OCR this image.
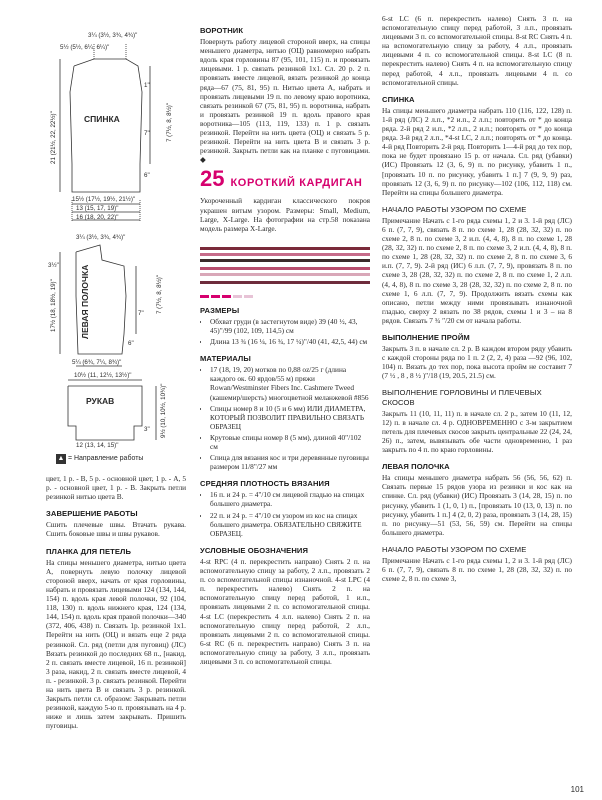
3¼ (3½, 3¾, 4¾)"
5½ (5½, 6¼, 6¼)"
СПИНКА
21 (21½, 22, 22½)"
1"
7 (7½, 8, 8½)"
7"
6"
15½ (17½, 19½, 21½)"
13 (15, 17, 19)"
16 (18, 20, 22)"
3¼ (3½, 3¾, 4¾)"
3½" ЛЕВАЯ ПОЛОЧКА
17½ (18, 18½, 19)"	7 (7½, 8, 8½)"
7"
6"
5¼ (6¾, 7¼, 8¾)"
10½ (11, 12½, 13½)"
РУКАВ	9½ (10, 10½, 10¾)"
3"
12 (13, 14, 15)"
▲ = Направление работы

цвет, 1 р. - В, 5 р. - основной цвет, 1 р. - А, 5 р. - основной цвет, 1 р. - В. Закрыть петли резинкой нитью цвета В.

ЗАВЕРШЕНИЕ РАБОТЫ

Сшить плечевые швы. Втачать рукава. Сшить боковые швы и швы рукавов.

ПЛАНКА ДЛЯ ПЕТЕЛЬ

На спицы меньшего диаметра, нитью цвета А, повернуть левую полочку лицевой стороной вверх, начать от края горловины, набрать и провязать лицевыми 124 (134, 144, 154) п. вдоль края левой полочки, 92 (104, 118, 130) п. вдоль нижнего края, 124 (134, 144, 154) п. вдоль края правой полочки—340 (372, 406, 438) п. Связать 1р. резинкой 1х1. Перейти на нить (ОЦ) и вязать еще 2 ряда резинкой. Сл. ряд (петли для пуговиц) (ЛС) Вязать резинкой до последних 68 п., [накид, 2 п. связать вместе лицевой, 16 п. резинкой] 3 раза, накид, 2 п. связать вместе лицевой, 4 п. - резинкой. 3 р. связать резинкой. Перейти на нить цвета В и связать 3 р. резинкой. Закрыть петли сл. образом: Закрывать петли резинкой, каждую 5-ю п. провязывать на 4 р. ниже и лишь затем закрывать. Пришить пуговицы.

ВОРОТНИК

Повернуть работу лицевой стороной вверх, на спицы меньшего диаметра, нитью (ОЦ) равномерно набрать вдоль края горловины 87 (95, 101, 115) п. и провязать лицевыми. 1 р. связать резинкой 1х1. Сл. 20 р. 2 п. провязать вместе лицевой, вязать резинкой до конца ряда—67 (75, 81, 95) п. Нитью цвета А, набрать и провязать лицевыми 19 п. по левому краю воротника, связать резинкой 67 (75, 81, 95) п. воротника, набрать и провязать резинкой 19 п. вдоль правого края воротника—105 (113, 119, 133) п. 1 р. связать резинкой. Перейти на нить цвета (ОЦ) и связать 5 р. резинкой. Перейти на нить цвета В и связать 3 р. резинкой. Закрыть петли как на планке с пуговицами. ◆

25 КОРОТКИЙ КАРДИГАН

Укороченный кардиган классического покроя украшен витым узором. Размеры: Small, Medium, Large, X-Large. На фотографии на стр.58 показана модель размера X-Large.

РАЗМЕРЫ
• Обхват груди (в застегнутом виде) 39 (40 ½, 43, 45)"/99 (102, 109, 114,5) см
• Длина 13 ¾ (16 ¼, 16 ¾, 17 ¼)"/40 (41, 42,5, 44) см
МАТЕРИАЛЫ
• 17 (18, 19, 20) мотков по 0,88 oz/25 г (длина каждого ок. 60 ярдов/55 м) пряжи Rowan/Westminster Fibers Inc. Cashmere Tweed (кашемир/шерсть) многоцветной меланжевой #856
• Спицы номер 8 и 10 (5 и 6 мм) ИЛИ ДИАМЕТРА, КОТОРЫЙ ПОЗВОЛИТ ПРАВИЛЬНО СВЯЗАТЬ ОБРАЗЕЦ
• Крутовые спицы номер 8 (5 мм), длиной 40"/102 см
• Спица для вязания кос и три деревянные пуговицы размером 11/8"/27 мм
СРЕДНЯЯ ПЛОТНОСТЬ ВЯЗАНИЯ
• 16 п. и 24 р. = 4"/10 см лицевой гладью на спицах большего диаметра.
• 22 п. и 24 р. = 4"/10 см узором из кос на спицах большего диаметра. ОБЯЗАТЕЛЬНО СВЯЖИТЕ ОБРАЗЕЦ.
УСЛОВНЫЕ ОБОЗНАЧЕНИЯ

4-st RPC (4 п. перекрестить направо) Снять 2 п. на вспомогательную спицу за работу, 2 л.п., провязать 2 п. со вспомогательной спицы изнаночной. 4-st LPC (4 п. перекрестить налево) Снять 2 п. на вспомогательную спицу перед работой, 1 и.п., провязать лицевыми 2 п. со вспомогательной спицы. 4-st LC (перекрестить 4 л.п. налево) Снять 2 п. на вспомогательную спицу перед работой, 2 л.п., провязать лицевыми 2 п. со вспомогательной спицы. 6-st RC (6 п. перекрестить направо) Снять 3 п. на вспомогательную спицу за работу, 3 л.п., провязать лицевыми 3 п. со вспомогательной спицы.

6-st LC (6 п. перекрестить налево) Снять 3 п. на вспомогательную спицу перед работой, 3 л.п., провязать лицевыми 3 п. со вспомогательной спицы. 8-st RC Снять 4 п. на вспомогательную спицу за работу, 4 л.п., провязать лицевыми 4 п. со вспомогательной спицы. 8-st LC (8 п. перекрестить налево) Снять 4 п. на вспомогательную спицу перед работой, 4 л.п., провязать лицевыми 4 п. со вспомогательной спицы.

СПИНКА

На спицы меньшего диаметра набрать 110 (116, 122, 128) п. 1-й ряд (ЛС) 2 л.п., *2 и.п., 2 л.п.; повторить от * до конца ряда. 2-й ряд 2 и.п., *2 л.п., 2 и.п.; повторять от * до конца ряда. 3-й ряд 2 л.п., *4-st LC, 2 л.п.; повторять от * до конца. 4-й ряд Повторить 2-й ряд. Повторить 1—4-й ряд до тех пор, пока не будет провязано 15 р. от начала. Сл. ряд (убавки) (ИС) Провязать 12 (3, 6, 9) п. по рисунку, убавить 1 п., [провязать 10 п. по рисунку, убавить 1 п.] 7 (9, 9, 9) раз, провязать 12 (3, 6, 9) п. по рисунку—102 (106, 112, 118) см. Перейти на спицы большего диаметра.

НАЧАЛО РАБОТЫ УЗОРОМ ПО СХЕМЕ

Примечание Начать с 1-го ряда схемы 1, 2 и 3. 1-й ряд (ЛС) 6 п. (7, 7, 9), связать 8 п. по схеме 1, 28 (28, 32, 32) п. по схеме 2, 8 п. по схеме 3, 2 и.п. (4, 4, 8), 8 п. по схеме 1, 28 (28, 32, 32) п. по схеме 2, 8 п. по схеме 3, 2 и.п. (4, 4, 8), 8 п. по схеме 1, 28 (28, 32, 32) п. по схеме 2, 8 п. по схеме 3, 6 и.п. (7, 7, 9). 2-й ряд (ИС) 6 л.п. (7, 7, 9), провязать 8 п. по схеме 3, 28 (28, 32, 32) п. по схеме 2, 8 п. по схеме 1, 2 л.п. (4, 4, 8), 8 п. по схеме 3, 28 (28, 32, 32) п. по схеме 2, 8 п. по схеме 1, 6 л.п. (7, 7, 9). Продолжить вязать схемы как описано, петли между ними провязывать изнаночной гладью, сверху 2 вязать по 38 рядов, схемы 1 и 3 – на 8 рядов. Связать 7 ¾ ″/20 см от начала работы.

ВЫПОЛНЕНИЕ ПРОЙМ

Закрыть 3 п. в начале сл. 2 р. В каждом втором ряду убавить с каждой стороны ряда по 1 п. 2 (2, 2, 4) раза —92 (96, 102, 104) п. Вязать до тех пор, пока высота пройм не составит 7 (7 ½ , 8 , 8 ½ )"/18 (19, 20.5, 21.5) см.

ВЫПОЛНЕНИЕ ГОРЛОВИНЫ И ПЛЕЧЕВЫХ СКОСОВ

Закрыть 11 (10, 11, 11) п. в начале сл. 2 р., затем 10 (11, 12, 12) п. в начале сл. 4 р. ОДНОВРЕМЕННО с 3-м закрытием петель для плечевых скосов закрыть центральные 22 (24, 24, 26) п., затем, вывязывать обе части одновременно, 1 раз закрыть по 4 п. по краю горловины.

ЛЕВАЯ ПОЛОЧКА

На спицы меньшего диаметра набрать 56 (56, 56, 62) п. Связать первые 15 рядов узора из резинки и кос как на спинке. Сл. ряд (убавки) (ИС) Провязать 3 (14, 28, 15) п. по рисунку, убавить 1 (1, 0, 1) п., [провязать 10 (13, 0, 13) п. по рисунку, убавить 1 п.] 4 (2, 0, 2) раза, провязать 3 (14, 28, 15) п. по рисунку—51 (53, 56, 59) см. Перейти на спицы большего диаметра.

НАЧАЛО РАБОТЫ УЗОРОМ ПО СХЕМЕ

Примечание Начать с 1-го ряда схемы 1, 2 и 3. 1-й ряд (ЛС) 6 п. (7, 7, 9), связать 8 п. по схеме 1, 28 (28, 32, 32) п. по схеме 2, 8 п. по схеме 3,

101
